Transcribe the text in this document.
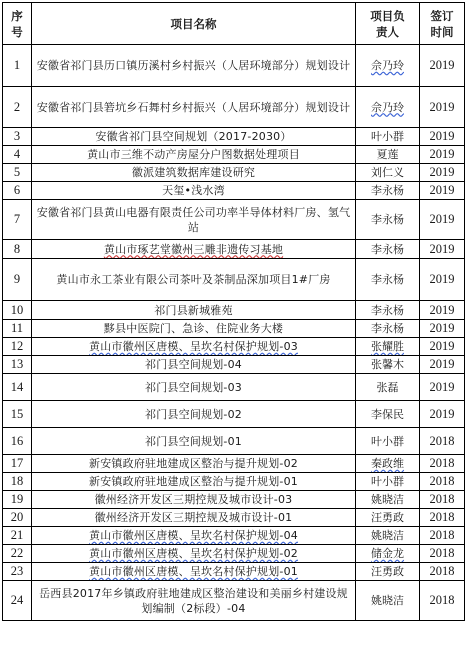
序号	项目名称	项目负责人	签订时间
1	安徽省祁门县历口镇历溪村乡村振兴（人居环境部分）规划设计	佘乃玲	2019
2	安徽省祁门县箬坑乡石舞村乡村振兴（人居环境部分）规划设计	佘乃玲	2019
3	安徽省祁门县空间规划（2017-2030）	叶小群	2019
4	黄山市三维不动产房屋分户图数据处理项目	夏莲	2019
5	徽派建筑数据库建设研究	刘仁义	2019
6	天玺•浅水湾	李永杨	2019
7	安徽省祁门县黄山电器有限责任公司功率半导体材料厂房、氢气站	李永杨	2019
8	黄山市琢艺堂徽州三雕非遗传习基地	李永杨	2019
9	黄山市永工茶业有限公司茶叶及茶制品深加项目1#厂房	李永杨	2019
10	祁门县新城雅苑	李永杨	2019
11	黟县中医院门、急诊、住院业务大楼	李永杨	2019
12	黄山市徽州区唐模、呈坎名村保护规划-03	张耀胜	2019
13	祁门县空间规划-04	张馨木	2019
14	祁门县空间规划-03	张磊	2019
15	祁门县空间规划-02	李保民	2019
16	祁门县空间规划-01	叶小群	2018
17	新安镇政府驻地建成区整治与提升规划-02	秦政维	2018
18	新安镇政府驻地建成区整治与提升规划-01	叶小群	2018
19	徽州经济开发区三期控规及城市设计-03	姚晓洁	2018
20	徽州经济开发区三期控规及城市设计-01	汪勇政	2018
21	黄山市徽州区唐模、呈坎名村保护规划-04	姚晓洁	2018
22	黄山市徽州区唐模、呈坎名村保护规划-02	储金龙	2018
23	黄山市徽州区唐模、呈坎名村保护规划-01	汪勇政	2018
24	岳西县2017年乡镇政府驻地建成区整治建设和美丽乡村建设规划编制（2标段）-04	姚晓洁	2018
